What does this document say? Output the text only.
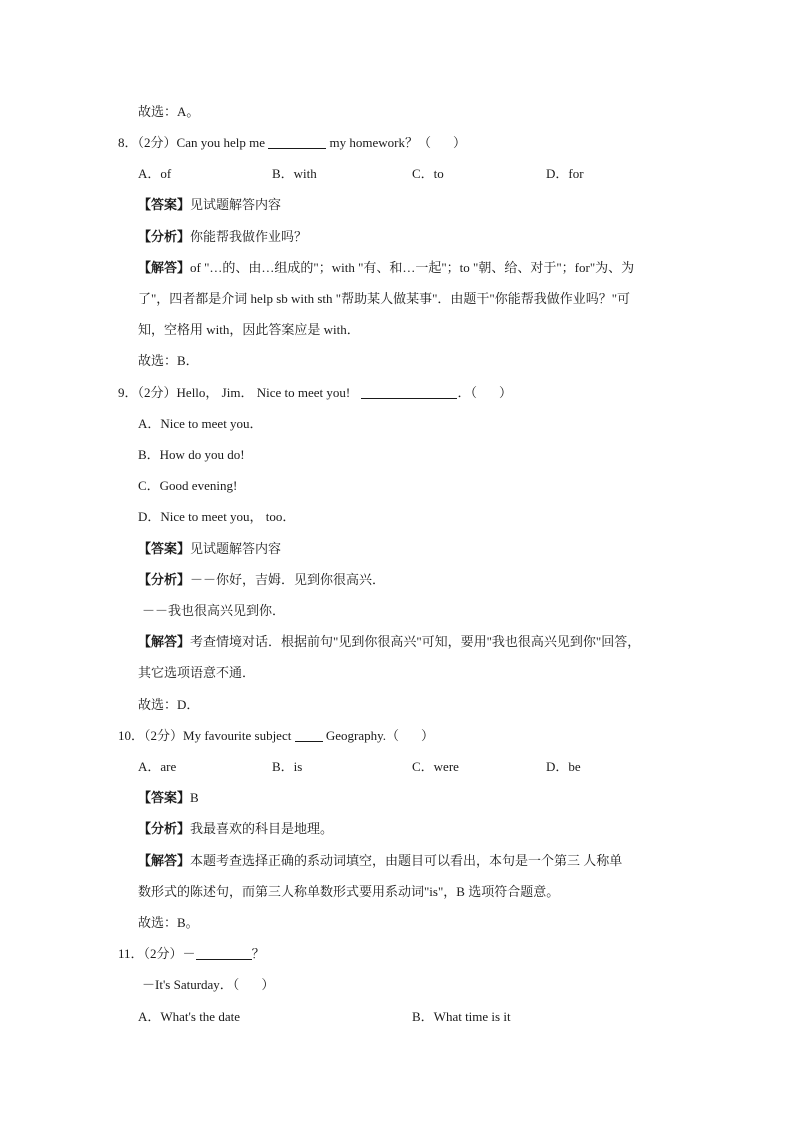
故选：A。
8．（2分）Can you help me	my homework？（ ）
A．of	B．with	C．to	D．for
【答案】见试题解答内容
【分析】你能帮我做作业吗？
【解答】of "…的、由…组成的"；with "有、和…一起"；to "朝、给、对于"；for"为、为
了"，四者都是介词 help sb with sth "帮助某人做某事"．由题干"你能帮我做作业吗？"可
知，空格用 with，因此答案应是 with．
故选：B．
9．（2分）Hello， Jim． Nice to meet you!	．（ ）
A．Nice to meet you．
B．How do you do!
C．Good evening!
D．Nice to meet you， too．
【答案】见试题解答内容
【分析】－－你好，吉姆．见到你很高兴．
－－我也很高兴见到你．
【解答】考查情境对话．根据前句"见到你很高兴"可知，要用"我也很高兴见到你"回答，
其它选项语意不通．
故选：D．
10．（2分）My favourite subject	Geography.（ ）
A．are	B．is	C．were	D．be
【答案】B
【分析】我最喜欢的科目是地理。
【解答】本题考查选择正确的系动词填空，由题目可以看出，本句是一个第三 人称单
数形式的陈述句，而第三人称单数形式要用系动词"is"，B 选项符合题意。
故选：B。
11．（2分）－	？
－It's Saturday．（ ）
A．What's the date	B．What time is it
